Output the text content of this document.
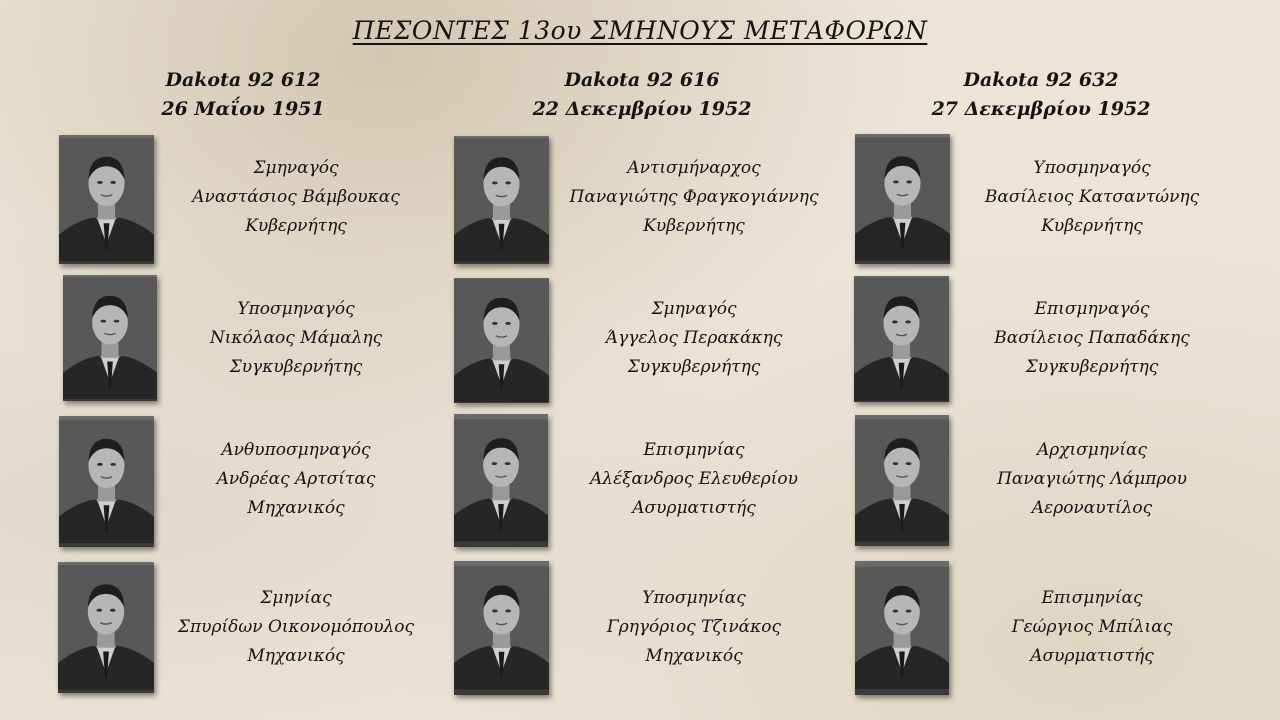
ΠΕΣΟΝΤΕΣ 13ου ΣΜΗΝΟΥΣ ΜΕΤΑΦΟΡΩΝ
Dakota 92 612
26 Μαΐου 1951
Dakota 92 616
22 Δεκεμβρίου 1952
Dakota 92 632
27 Δεκεμβρίου 1952
Σμηναγός
Αναστάσιος Βάμβουκας
Κυβερνήτης
Υποσμηναγός
Νικόλαος Μάμαλης
Συγκυβερνήτης
Ανθυποσμηναγός
Ανδρέας Αρτσίτας
Μηχανικός
Σμηνίας
Σπυρίδων Οικονομόπουλος
Μηχανικός
Αντισμήναρχος
Παναγιώτης Φραγκογιάννης
Κυβερνήτης
Σμηναγός
Άγγελος Περακάκης
Συγκυβερνήτης
Επισμηνίας
Αλέξανδρος Ελευθερίου
Ασυρματιστής
Υποσμηνίας
Γρηγόριος Τζινάκος
Μηχανικός
Υποσμηναγός
Βασίλειος Κατσαντώνης
Κυβερνήτης
Επισμηναγός
Βασίλειος Παπαδάκης
Συγκυβερνήτης
Αρχισμηνίας
Παναγιώτης Λάμπρου
Αεροναυτίλος
Επισμηνίας
Γεώργιος Μπίλιας
Ασυρματιστής
